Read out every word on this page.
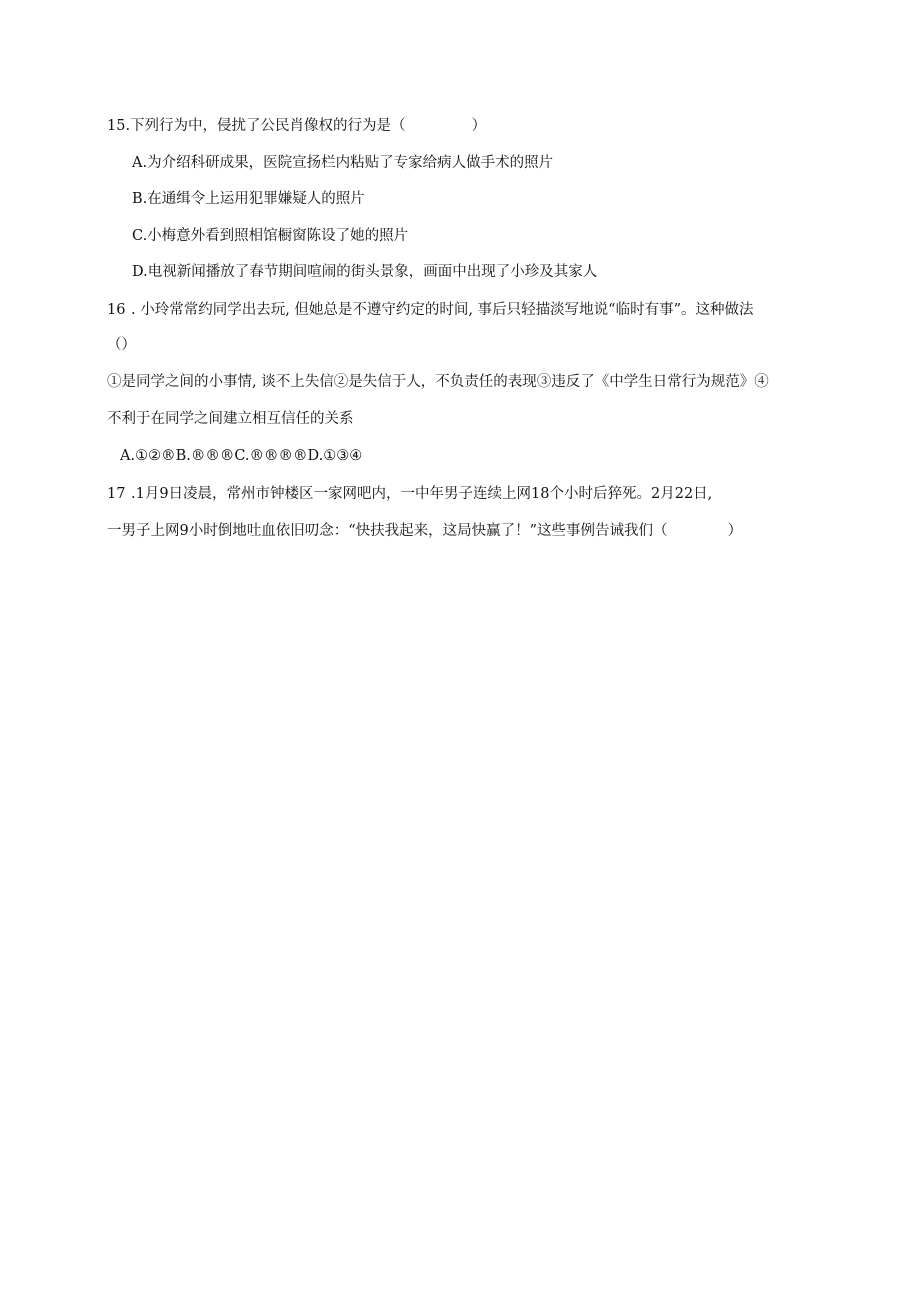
15.下列行为中，侵扰了公民肖像权的行为是（	）
A.为介绍科研成果，医院宣扬栏内粘贴了专家给病人做手术的照片
B.在通缉令上运用犯罪嫌疑人的照片
C.小梅意外看到照相馆橱窗陈设了她的照片
D.电视新闻播放了春节期间喧闹的街头景象，画面中出现了小珍及其家人
16 . 小玲常常约同学出去玩, 但她总是不遵守约定的时间, 事后只轻描淡写地说“临时有事”。这种做法
（）
①是同学之间的小事情, 谈不上失信②是失信于人，不负责任的表现③违反了《中学生日常行为规范》④
不利于在同学之间建立相互信任的关系
A.①②®B.®®®C.®®®®D.①③④
17 .1月9日凌晨，常州市钟楼区一家网吧内，一中年男子连续上网18个小时后猝死。2月22日,
一男子上网9小时倒地吐血依旧叨念：“快扶我起来，这局快赢了！”这些事例告诫我们（	）
